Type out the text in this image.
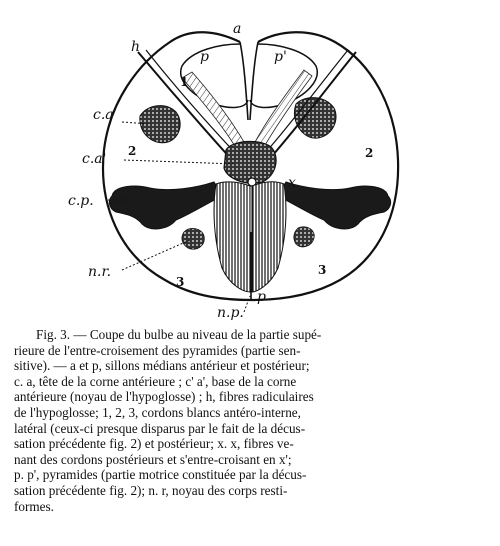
a
p	p'
h
c.a
c.a'
c.p.
n.r.
n.p.
p
1
2	2
3
3
x.

Fig. 3. — Coupe du bulbe au niveau de la partie supé-
rieure de l'entre-croisement des pyramides (partie sen-
sitive). — a et p, sillons médians antérieur et postérieur;
c. a, tête de la corne antérieure ; c' a', base de la corne
antérieure (noyau de l'hypoglosse) ; h, fibres radiculaires
de l'hypoglosse; 1, 2, 3, cordons blancs antéro-interne,
latéral (ceux-ci presque disparus par le fait de la décus-
sation précédente fig. 2) et postérieur; x. x, fibres ve-
nant des cordons postérieurs et s'entre-croisant en x';
p. p', pyramides (partie motrice constituée par la décus-
sation précédente fig. 2); n. r, noyau des corps resti-
formes.
